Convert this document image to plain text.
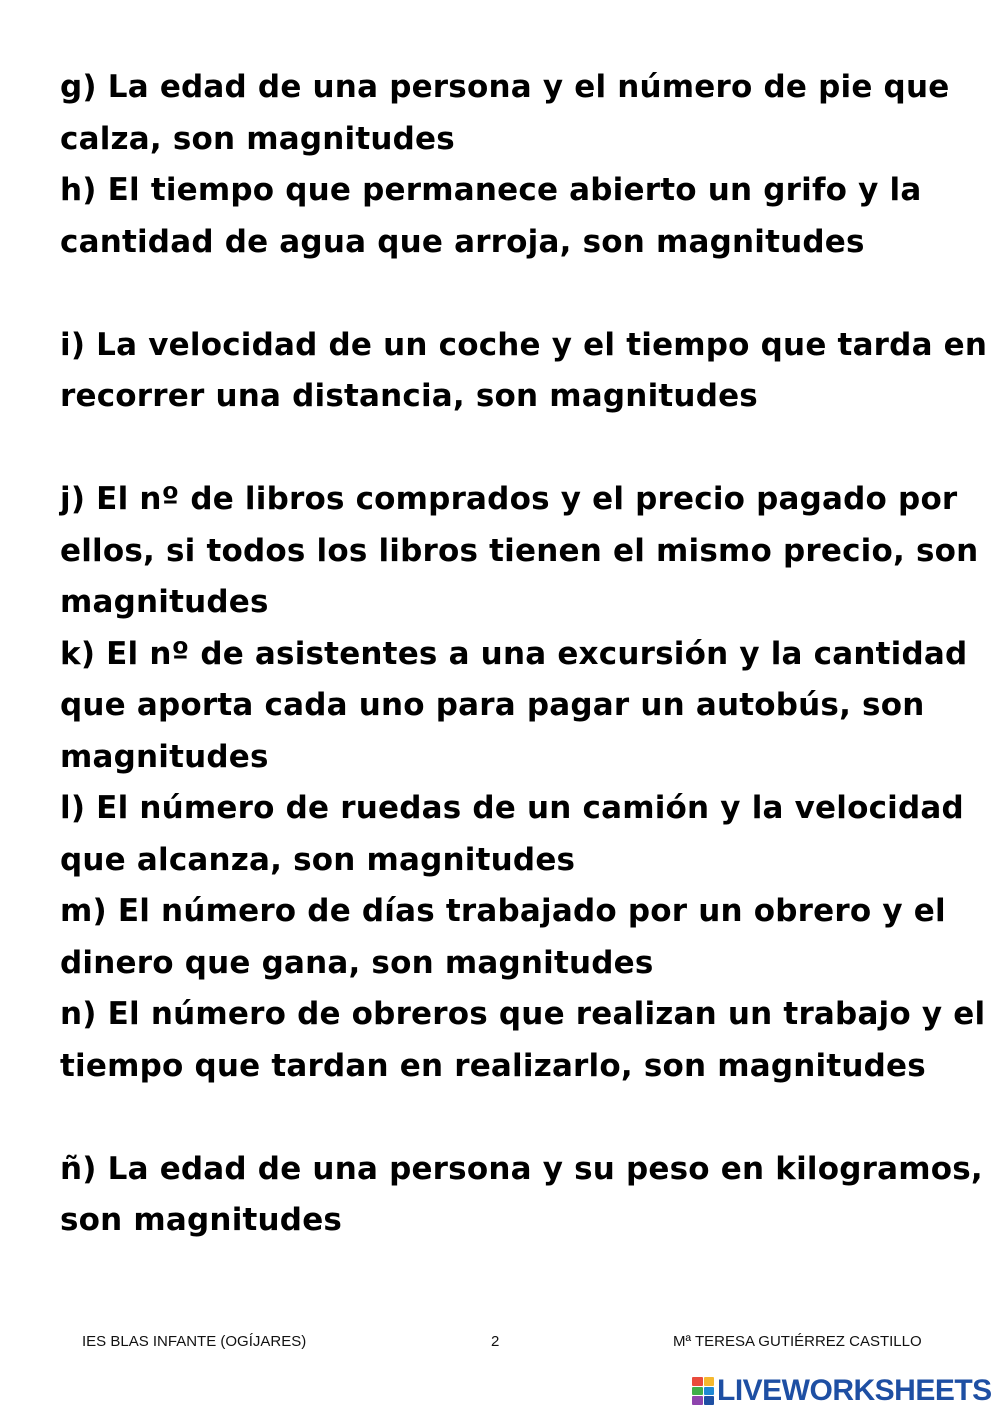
g) La edad de una persona y el número de pie que
calza, son magnitudes
h) El tiempo que permanece abierto un grifo y la
cantidad de agua que arroja, son magnitudes
i) La velocidad de un coche y el tiempo que tarda en
recorrer una distancia, son magnitudes
j) El nº de libros comprados y el precio pagado por
ellos, si todos los libros tienen el mismo precio, son
magnitudes
k) El nº de asistentes a una excursión y la cantidad
que aporta cada uno para pagar un autobús, son
magnitudes
l) El número de ruedas de un camión y la velocidad
que alcanza, son magnitudes
m) El número de días trabajado por un obrero y el
dinero que gana, son magnitudes
n) El número de obreros que realizan un trabajo y el
tiempo que tardan en realizarlo, son magnitudes
ñ) La edad de una persona y su peso en kilogramos,
son magnitudes
IES BLAS INFANTE (OGÍJARES)	2	Mª TERESA GUTIÉRREZ CASTILLO
LIVEWORKSHEETS
